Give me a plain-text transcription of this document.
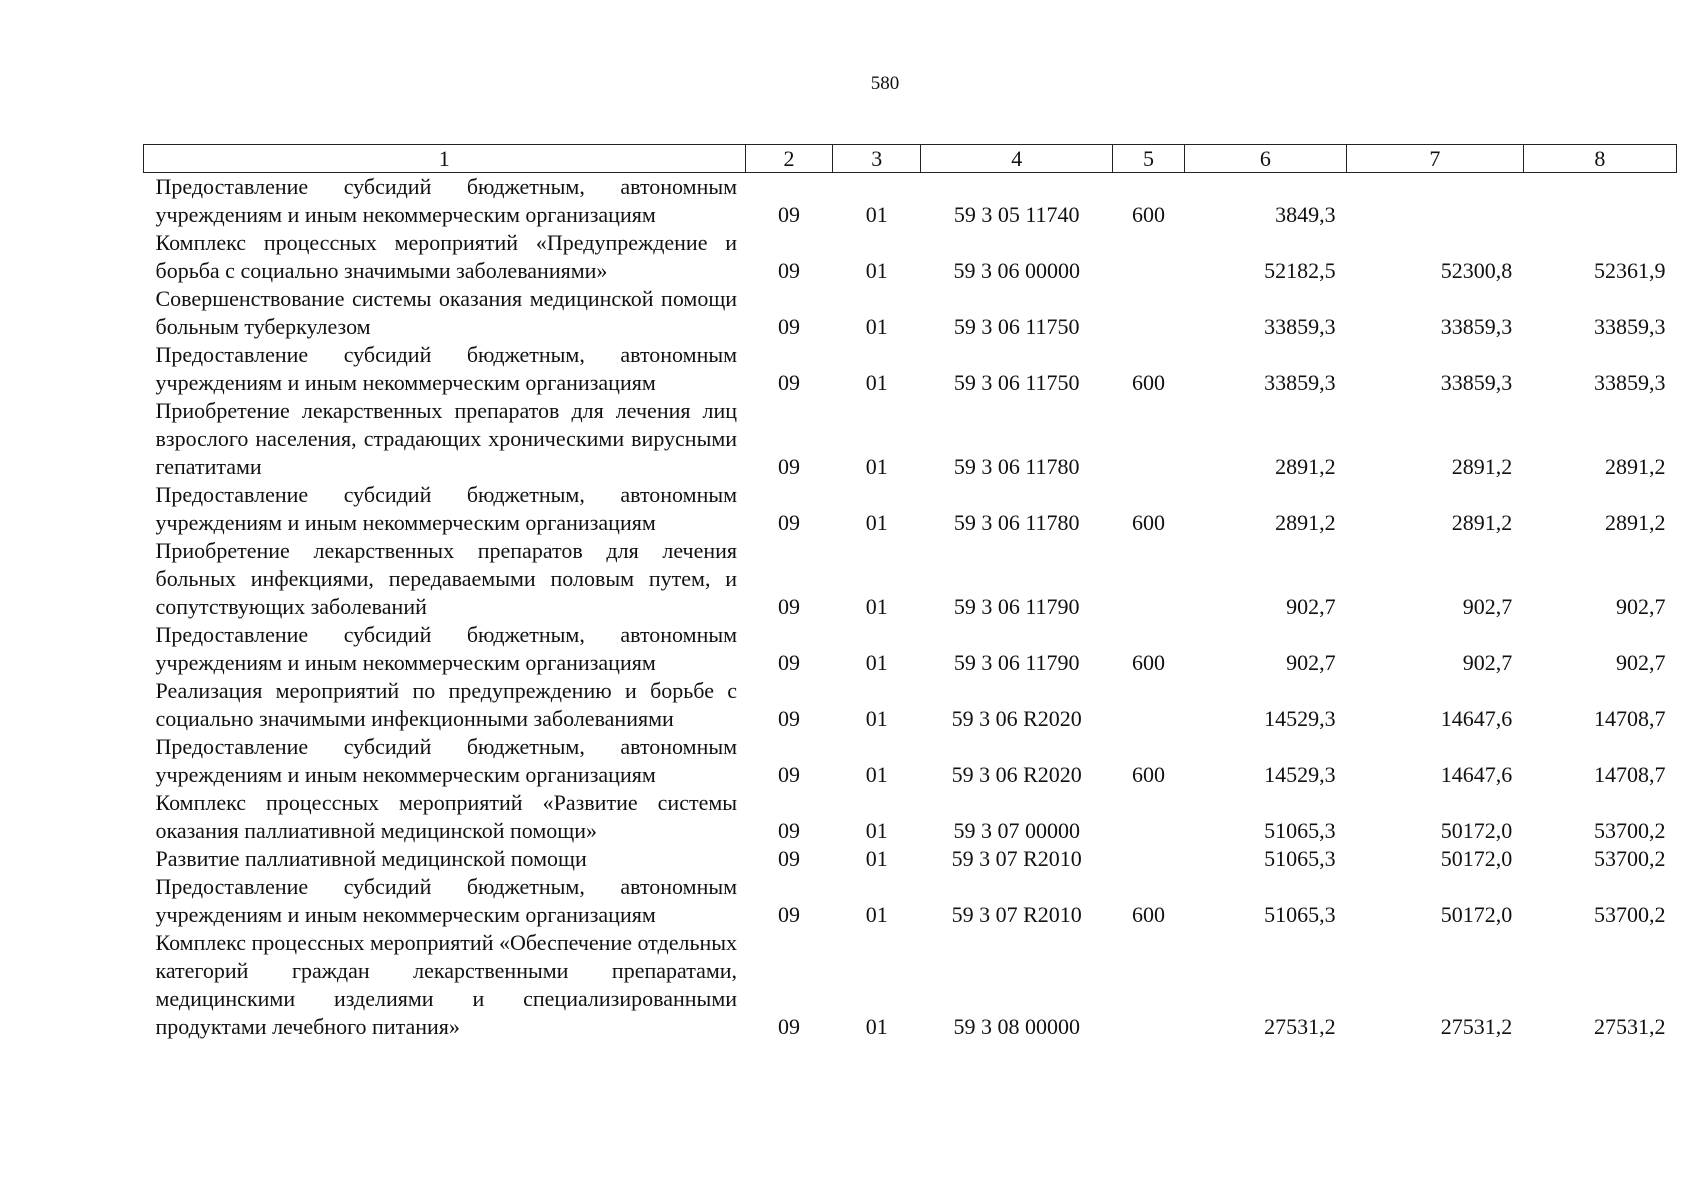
580
1	2	3	4	5	6	7	8
Предоставление субсидий бюджетным, автономным учреждениям и иным некоммерческим организациям	09	01	59 3 05 11740	600	3849,3		
Комплекс процессных мероприятий «Предупреждение и борьба с социально значимыми заболеваниями»	09	01	59 3 06 00000		52182,5	52300,8	52361,9
Совершенствование системы оказания медицинской помощи больным туберкулезом	09	01	59 3 06 11750		33859,3	33859,3	33859,3
Предоставление субсидий бюджетным, автономным учреждениям и иным некоммерческим организациям	09	01	59 3 06 11750	600	33859,3	33859,3	33859,3
Приобретение лекарственных препаратов для лечения лиц взрослого населения, страдающих хроническими вирусными гепатитами	09	01	59 3 06 11780		2891,2	2891,2	2891,2
Предоставление субсидий бюджетным, автономным учреждениям и иным некоммерческим организациям	09	01	59 3 06 11780	600	2891,2	2891,2	2891,2
Приобретение лекарственных препаратов для лечения больных инфекциями, передаваемыми половым путем, и сопутствующих заболеваний	09	01	59 3 06 11790		902,7	902,7	902,7
Предоставление субсидий бюджетным, автономным учреждениям и иным некоммерческим организациям	09	01	59 3 06 11790	600	902,7	902,7	902,7
Реализация мероприятий по предупреждению и борьбе с социально значимыми инфекционными заболеваниями	09	01	59 3 06 R2020		14529,3	14647,6	14708,7
Предоставление субсидий бюджетным, автономным учреждениям и иным некоммерческим организациям	09	01	59 3 06 R2020	600	14529,3	14647,6	14708,7
Комплекс процессных мероприятий «Развитие системы оказания паллиативной медицинской помощи»	09	01	59 3 07 00000		51065,3	50172,0	53700,2
Развитие паллиативной медицинской помощи	09	01	59 3 07 R2010		51065,3	50172,0	53700,2
Предоставление субсидий бюджетным, автономным учреждениям и иным некоммерческим организациям	09	01	59 3 07 R2010	600	51065,3	50172,0	53700,2
Комплекс процессных мероприятий «Обеспечение отдельных категорий граждан лекарственными препаратами, медицинскими изделиями и специализированными продуктами лечебного питания»	09	01	59 3 08 00000		27531,2	27531,2	27531,2
